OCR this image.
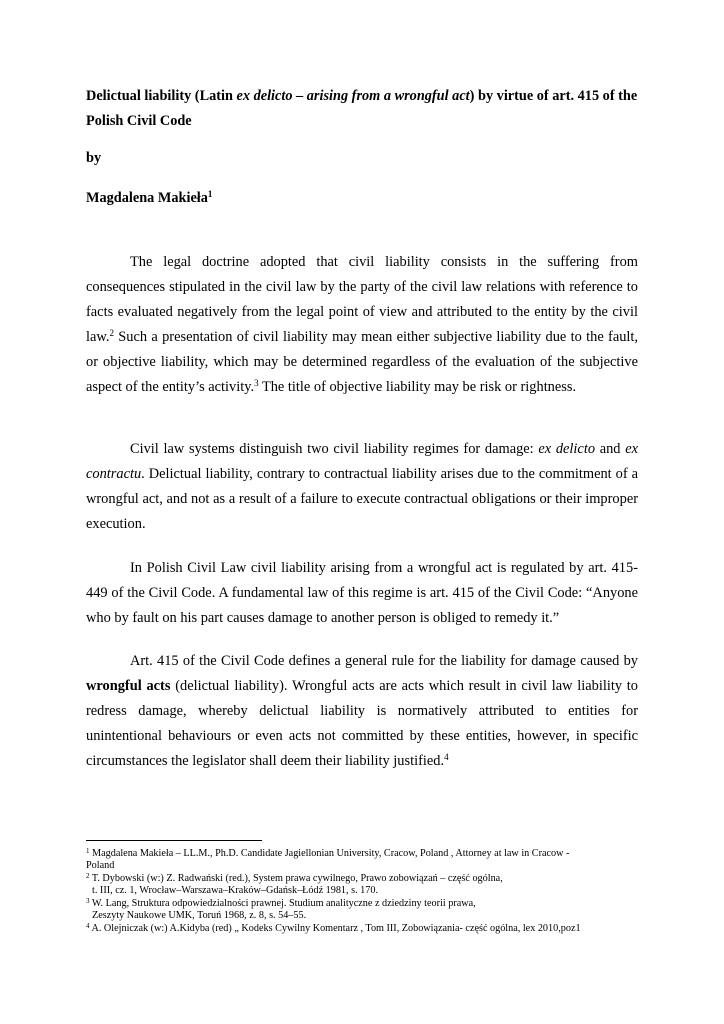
Delictual liability (Latin ex delicto – arising from a wrongful act) by virtue of art. 415 of the Polish Civil Code

by

Magdalena Makieła$^1$

The legal doctrine adopted that civil liability consists in the suffering from consequences stipulated in the civil law by the party of the civil law relations with reference to facts evaluated negatively from the legal point of view and attributed to the entity by the civil law.$^2$ Such a presentation of civil liability may mean either subjective liability due to the fault, or objective liability, which may be determined regardless of the evaluation of the subjective aspect of the entity’s activity.$^3$ The title of objective liability may be risk or rightness.

Civil law systems distinguish two civil liability regimes for damage: ex delicto and ex contractu. Delictual liability, contrary to contractual liability arises due to the commitment of a wrongful act, and not as a result of a failure to execute contractual obligations or their improper execution.

In Polish Civil Law civil liability arising from a wrongful act is regulated by art. 415-449 of the Civil Code. A fundamental law of this regime is art. 415 of the Civil Code: “Anyone who by fault on his part causes damage to another person is obliged to remedy it.”

Art. 415 of the Civil Code defines a general rule for the liability for damage caused by wrongful acts (delictual liability). Wrongful acts are acts which result in civil law liability to redress damage, whereby delictual liability is normatively attributed to entities for unintentional behaviours or even acts not committed by these entities, however, in specific circumstances the legislator shall deem their liability justified.$^4$

$^1$ Magdalena Makieła – LL.M., Ph.D. Candidate Jagiellonian University, Cracow, Poland , Attorney at law in Cracow -
Poland

$^2$ T. Dybowski (w:) Z. Radwański (red.), System prawa cywilnego, Prawo zobowiązań – część ogólna,
t. III, cz. 1, Wrocław–Warszawa–Kraków–Gdańsk–Łódź 1981, s. 170.

$^3$ W. Lang, Struktura odpowiedzialności prawnej. Studium analityczne z dziedziny teorii prawa,
Zeszyty Naukowe UMK, Toruń 1968, z. 8, s. 54–55.

$^4$ A. Olejniczak (w:) A.Kidyba (red) „ Kodeks Cywilny Komentarz , Tom III, Zobowiązania- część ogólna, lex 2010,poz1
